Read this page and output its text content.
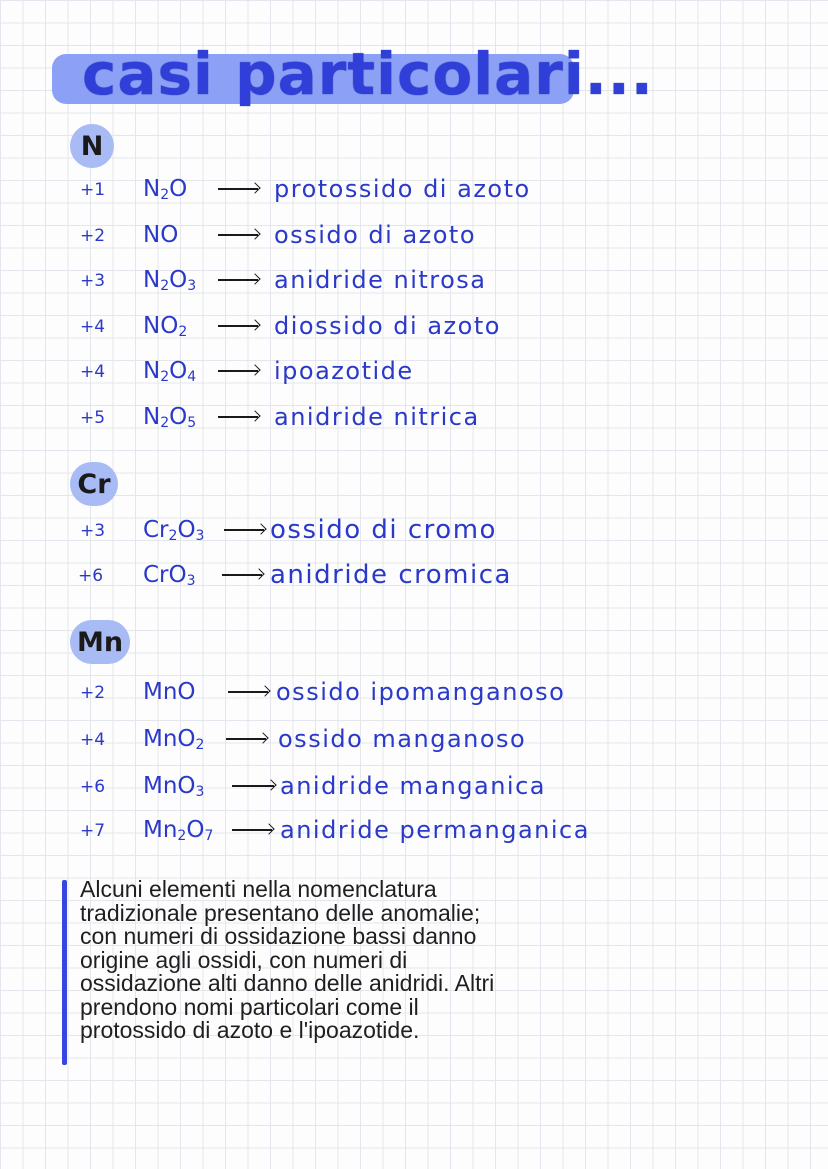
casi particolari...
N
+1 $N_2O$	protossido di azoto
+2 NO	ossido di azoto
+3 $N_2O_3$	anidride nitrosa
+4 $NO_2$	diossido di azoto
+4 $N_2O_4$	ipoazotide
+5 $N_2O_5$	anidride nitrica
Cr
+3 $Cr_2O_3$	ossido di cromo
+6 CrO$_3$	anidride cromica
Mn
+2 MnO	ossido ipomanganoso
+4 MnO$_2$	ossido manganoso
+6 MnO$_3$	anidride manganica
+7 $Mn_2O_7$	anidride permanganica
Alcuni elementi nella nomenclatura tradizionale presentano delle anomalie; con numeri di ossidazione bassi danno origine agli ossidi, con numeri di ossidazione alti danno delle anidridi. Altri prendono nomi particolari come il protossido di azoto e l'ipoazotide.
